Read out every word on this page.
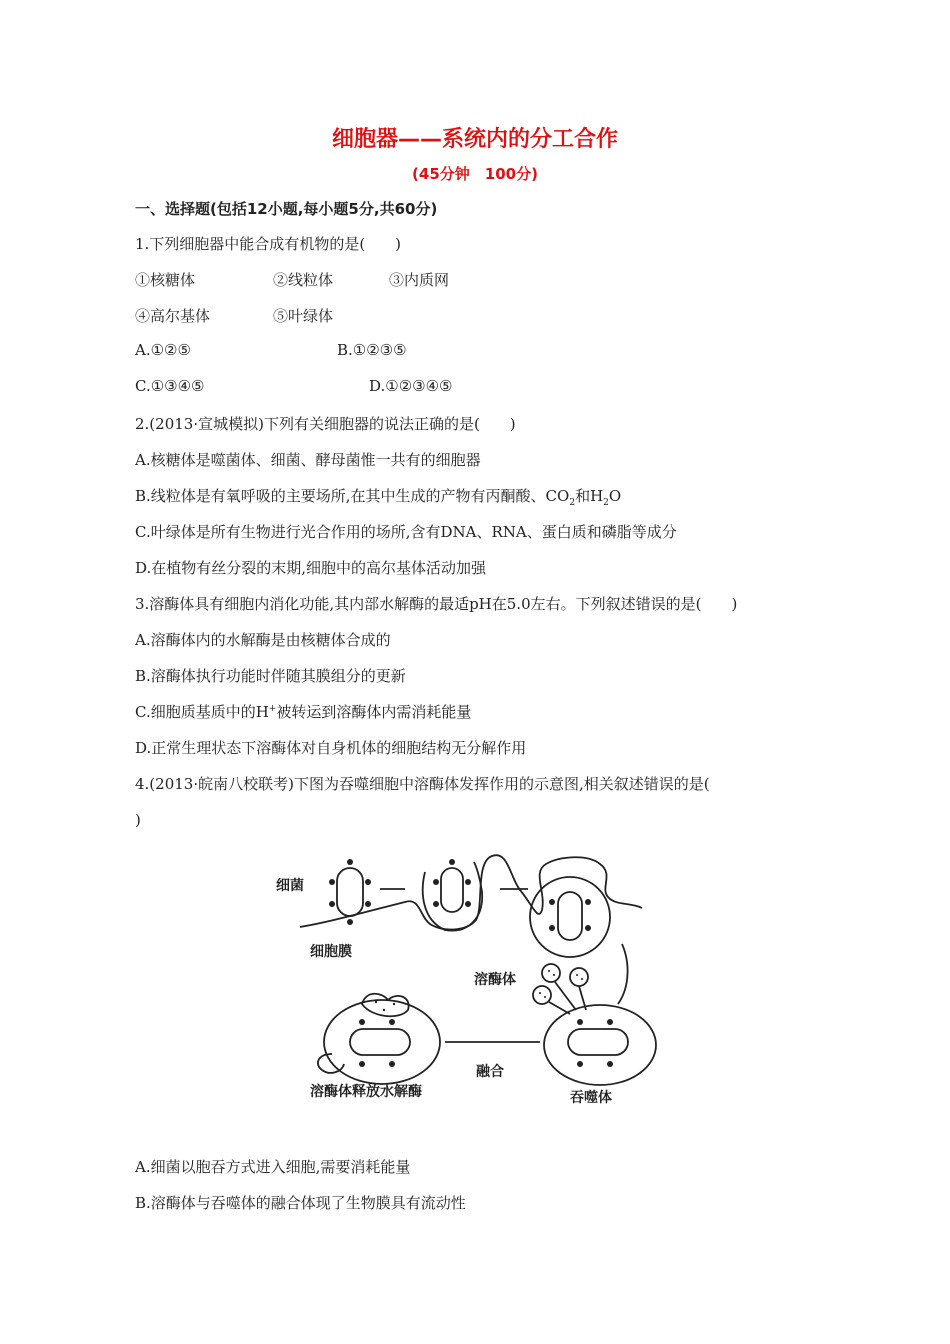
细胞器——系统内的分工合作
(45分钟　100分)
一、选择题(包括12小题,每小题5分,共60分)
1.下列细胞器中能合成有机物的是(　　)
①核糖体	②线粒体	③内质网
④高尔基体	⑤叶绿体
A.①②⑤	B.①②③⑤
C.①③④⑤	D.①②③④⑤
2.(2013·宣城模拟)下列有关细胞器的说法正确的是(　　)
A.核糖体是噬菌体、细菌、酵母菌惟一共有的细胞器
B.线粒体是有氧呼吸的主要场所,在其中生成的产物有丙酮酸、$CO_2$和$H_2O$
C.叶绿体是所有生物进行光合作用的场所,含有DNA、RNA、蛋白质和磷脂等成分
D.在植物有丝分裂的末期,细胞中的高尔基体活动加强
3.溶酶体具有细胞内消化功能,其内部水解酶的最适pH在5.0左右。下列叙述错误的是(　　)
A.溶酶体内的水解酶是由核糖体合成的
B.溶酶体执行功能时伴随其膜组分的更新
C.细胞质基质中的H+被转运到溶酶体内需消耗能量
D.正常生理状态下溶酶体对自身机体的细胞结构无分解作用
4.(2013·皖南八校联考)下图为吞噬细胞中溶酶体发挥作用的示意图,相关叙述错误的是(
)
细菌
细胞膜
溶酶体
融合
吞噬体
溶酶体释放水解酶
A.细菌以胞吞方式进入细胞,需要消耗能量
B.溶酶体与吞噬体的融合体现了生物膜具有流动性
